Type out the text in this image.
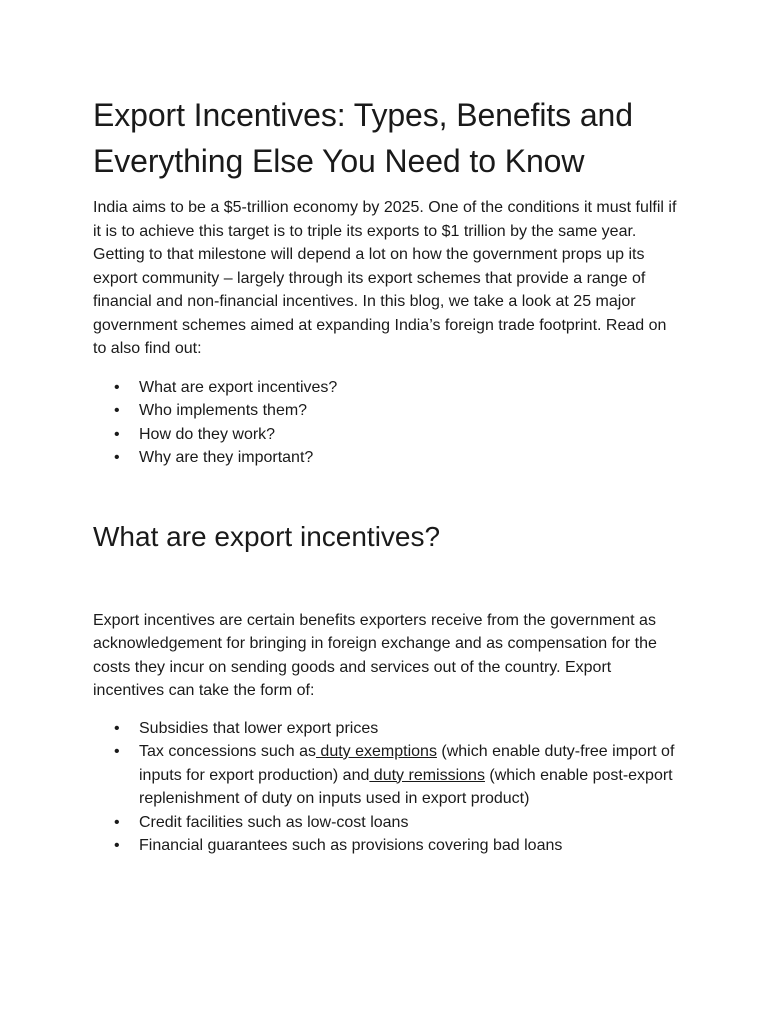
Export Incentives: Types, Benefits and Everything Else You Need to Know

India aims to be a $5-trillion economy by 2025. One of the conditions it must fulfil if it is to achieve this target is to triple its exports to $1 trillion by the same year. Getting to that milestone will depend a lot on how the government props up its export community – largely through its export schemes that provide a range of financial and non-financial incentives. In this blog, we take a look at 25 major government schemes aimed at expanding India’s foreign trade footprint. Read on to also find out:

• What are export incentives?
• Who implements them?
• How do they work?
• Why are they important?
What are export incentives?

Export incentives are certain benefits exporters receive from the government as acknowledgement for bringing in foreign exchange and as compensation for the costs they incur on sending goods and services out of the country. Export incentives can take the form of:

• Subsidies that lower export prices
• Tax concessions such as duty exemptions (which enable duty-free import of inputs for export production) and duty remissions (which enable post-export replenishment of duty on inputs used in export product)
• Credit facilities such as low-cost loans
• Financial guarantees such as provisions covering bad loans
